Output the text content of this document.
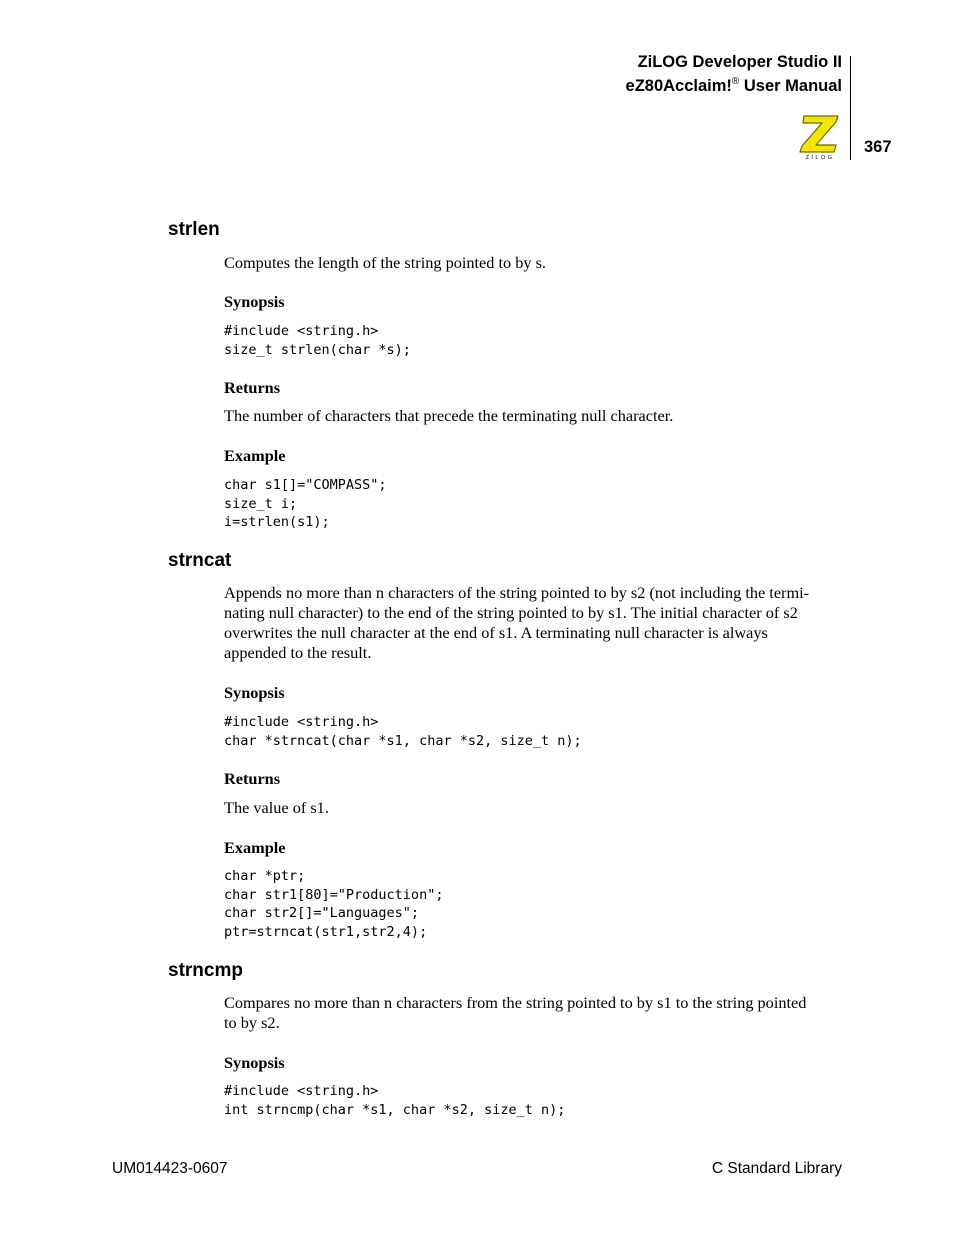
ZiLOG Developer Studio II
eZ80Acclaim!® User Manual
ZILOG
367
strlen
Computes the length of the string pointed to by s.
Synopsis
#include <string.h>
size_t strlen(char *s);
Returns
The number of characters that precede the terminating null character.
Example
char s1[]="COMPASS";
size_t i;
i=strlen(s1);
strncat
Appends no more than n characters of the string pointed to by s2 (not including the termi-
nating null character) to the end of the string pointed to by s1. The initial character of s2
overwrites the null character at the end of s1. A terminating null character is always
appended to the result.
Synopsis
#include <string.h>
char *strncat(char *s1, char *s2, size_t n);
Returns
The value of s1.
Example
char *ptr;
char str1[80]="Production";
char str2[]="Languages";
ptr=strncat(str1,str2,4);
strncmp
Compares no more than n characters from the string pointed to by s1 to the string pointed
to by s2.
Synopsis
#include <string.h>
int strncmp(char *s1, char *s2, size_t n);
UM014423-0607	C Standard Library
